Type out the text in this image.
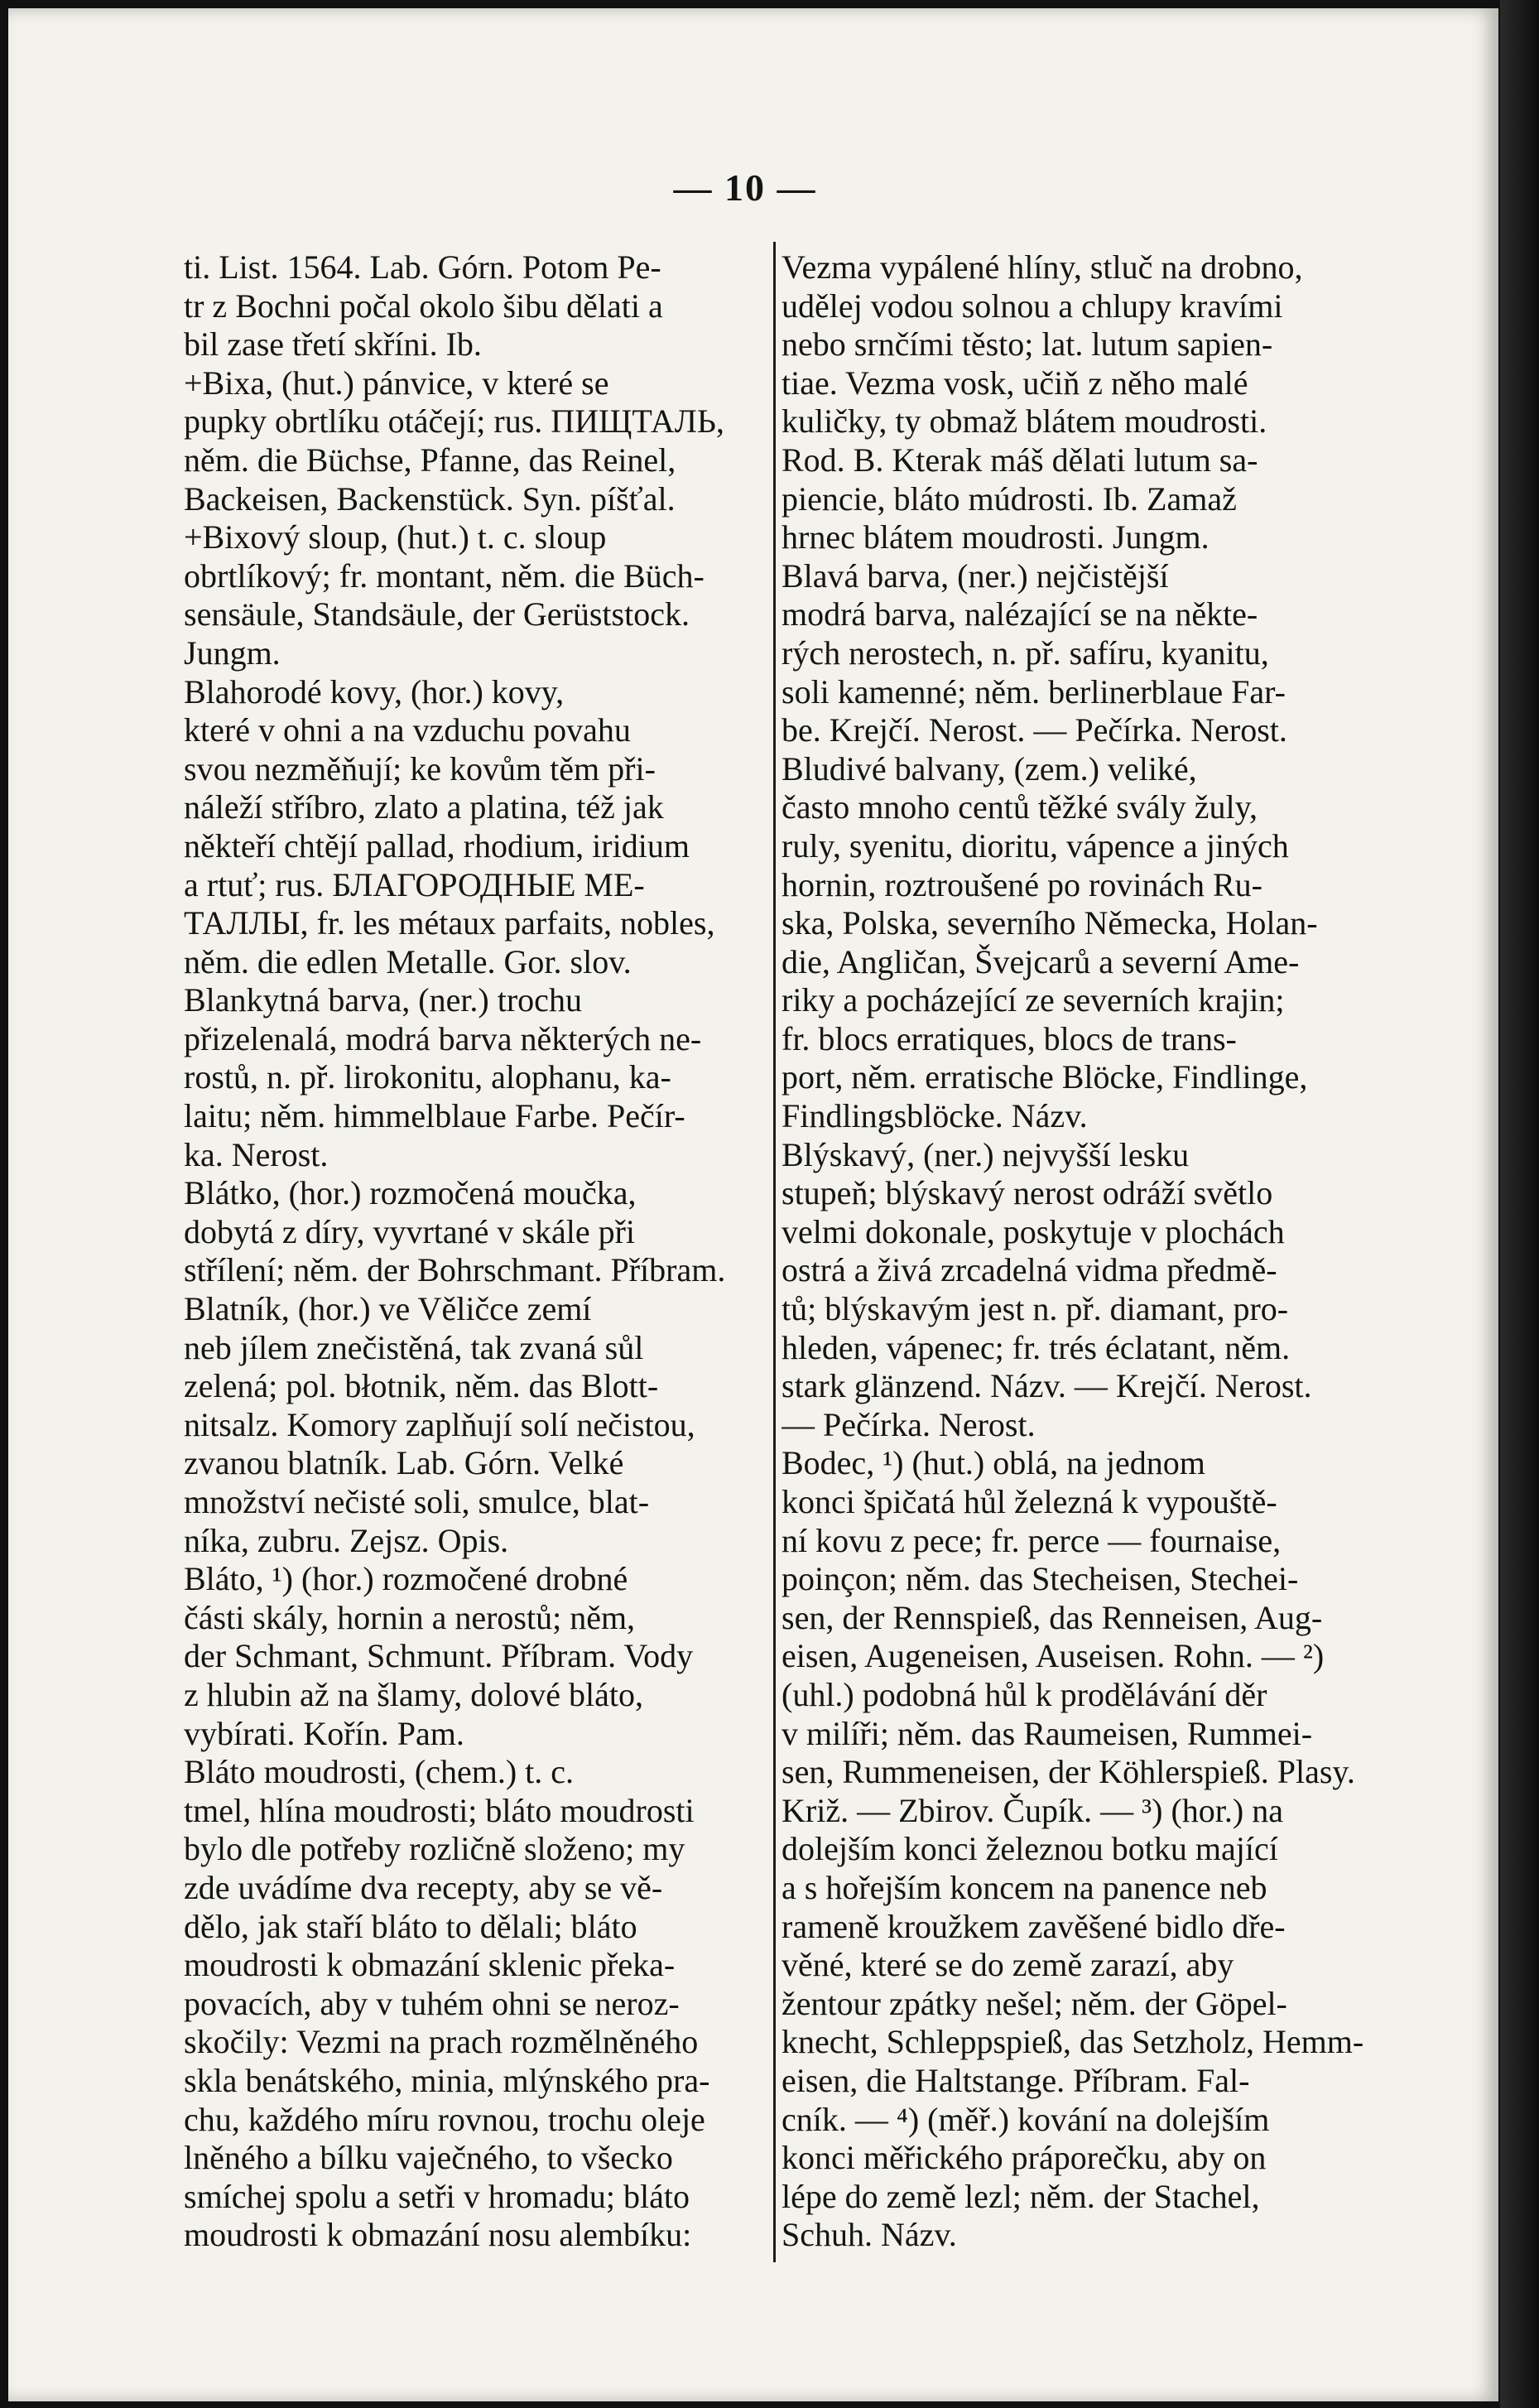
— 10 —
ti. List. 1564. Lab. Górn. Potom Pe-
tr z Bochni počal okolo šibu dělati a
bil zase třetí skříni. Ib.
+Bixa, (hut.) pánvice, v které se
pupky obrtlíku otáčejí; rus. ПИЩТАЛЬ,
něm. die Büchse, Pfanne, das Reinel,
Backeisen, Backenstück. Syn. píšťal.
+Bixový sloup, (hut.) t. c. sloup
obrtlíkový; fr. montant, něm. die Büch-
sensäule, Standsäule, der Gerüststock.
Jungm.
Blahorodé kovy, (hor.) kovy,
které v ohni a na vzduchu povahu
svou nezměňují; ke kovům těm při-
náleží stříbro, zlato a platina, též jak
někteří chtějí pallad, rhodium, iridium
a rtuť; rus. БЛАГОРОДНЫЕ МЕ-
ТАЛЛЫ, fr. les métaux parfaits, nobles,
něm. die edlen Metalle. Gor. slov.
Blankytná barva, (ner.) trochu
přizelenalá, modrá barva některých ne-
rostů, n. př. lirokonitu, alophanu, ka-
laitu; něm. himmelblaue Farbe. Pečír-
ka. Nerost.
Blátko, (hor.) rozmočená moučka,
dobytá z díry, vyvrtané v skále při
střílení; něm. der Bohrschmant. Příbram.
Blatník, (hor.) ve Věličce zemí
neb jílem znečistěná, tak zvaná sůl
zelená; pol. błotnik, něm. das Blott-
nitsalz. Komory zaplňují solí nečistou,
zvanou blatník. Lab. Górn. Velké
množství nečisté soli, smulce, blat-
níka, zubru. Zejsz. Opis.
Bláto, ¹) (hor.) rozmočené drobné
části skály, hornin a nerostů; něm,
der Schmant, Schmunt. Příbram. Vody
z hlubin až na šlamy, dolové bláto,
vybírati. Kořín. Pam.
Bláto moudrosti, (chem.) t. c.
tmel, hlína moudrosti; bláto moudrosti
bylo dle potřeby rozličně složeno; my
zde uvádíme dva recepty, aby se vě-
dělo, jak staří bláto to dělali; bláto
moudrosti k obmazání sklenic překa-
povacích, aby v tuhém ohni se neroz-
skočily: Vezmi na prach rozmělněného
skla benátského, minia, mlýnského pra-
chu, každého míru rovnou, trochu oleje
lněného a bílku vaječného, to všecko
smíchej spolu a setři v hromadu; bláto
moudrosti k obmazání nosu alembíku:
Vezma vypálené hlíny, stluč na drobno,
udělej vodou solnou a chlupy kravími
nebo srnčími těsto; lat. lutum sapien-
tiae. Vezma vosk, učiň z něho malé
kuličky, ty obmaž blátem moudrosti.
Rod. B. Kterak máš dělati lutum sa-
piencie, bláto múdrosti. Ib. Zamaž
hrnec blátem moudrosti. Jungm.
Blavá barva, (ner.) nejčistější
modrá barva, nalézající se na někte-
rých nerostech, n. př. safíru, kyanitu,
soli kamenné; něm. berlinerblaue Far-
be. Krejčí. Nerost. — Pečírka. Nerost.
Bludivé balvany, (zem.) veliké,
často mnoho centů těžké svály žuly,
ruly, syenitu, dioritu, vápence a jiných
hornin, roztroušené po rovinách Ru-
ska, Polska, severního Německa, Holan-
die, Angličan, Švejcarů a severní Ame-
riky a pocházející ze severních krajin;
fr. blocs erratiques, blocs de trans-
port, něm. erratische Blöcke, Findlinge,
Findlingsblöcke. Názv.
Blýskavý, (ner.) nejvyšší lesku
stupeň; blýskavý nerost odráží světlo
velmi dokonale, poskytuje v plochách
ostrá a živá zrcadelná vidma předmě-
tů; blýskavým jest n. př. diamant, pro-
hleden, vápenec; fr. trés éclatant, něm.
stark glänzend. Názv. — Krejčí. Nerost.
— Pečírka. Nerost.
Bodec, ¹) (hut.) oblá, na jednom
konci špičatá hůl železná k vypouště-
ní kovu z pece; fr. perce — fournaise,
poinçon; něm. das Stecheisen, Stechei-
sen, der Rennspieß, das Renneisen, Aug-
eisen, Augeneisen, Auseisen. Rohn. — ²)
(uhl.) podobná hůl k prodělávání děr
v milíři; něm. das Raumeisen, Rummei-
sen, Rummeneisen, der Köhlerspieß. Plasy.
Križ. — Zbirov. Čupík. — ³) (hor.) na
dolejším konci železnou botku mající
a s hořejším koncem na panence neb
rameně kroužkem zavěšené bidlo dře-
věné, které se do země zarazí, aby
žentour zpátky nešel; něm. der Göpel-
knecht, Schleppspieß, das Setzholz, Hemm-
eisen, die Haltstange. Příbram. Fal-
cník. — ⁴) (měř.) kování na dolejším
konci měřického práporečku, aby on
lépe do země lezl; něm. der Stachel,
Schuh. Názv.
